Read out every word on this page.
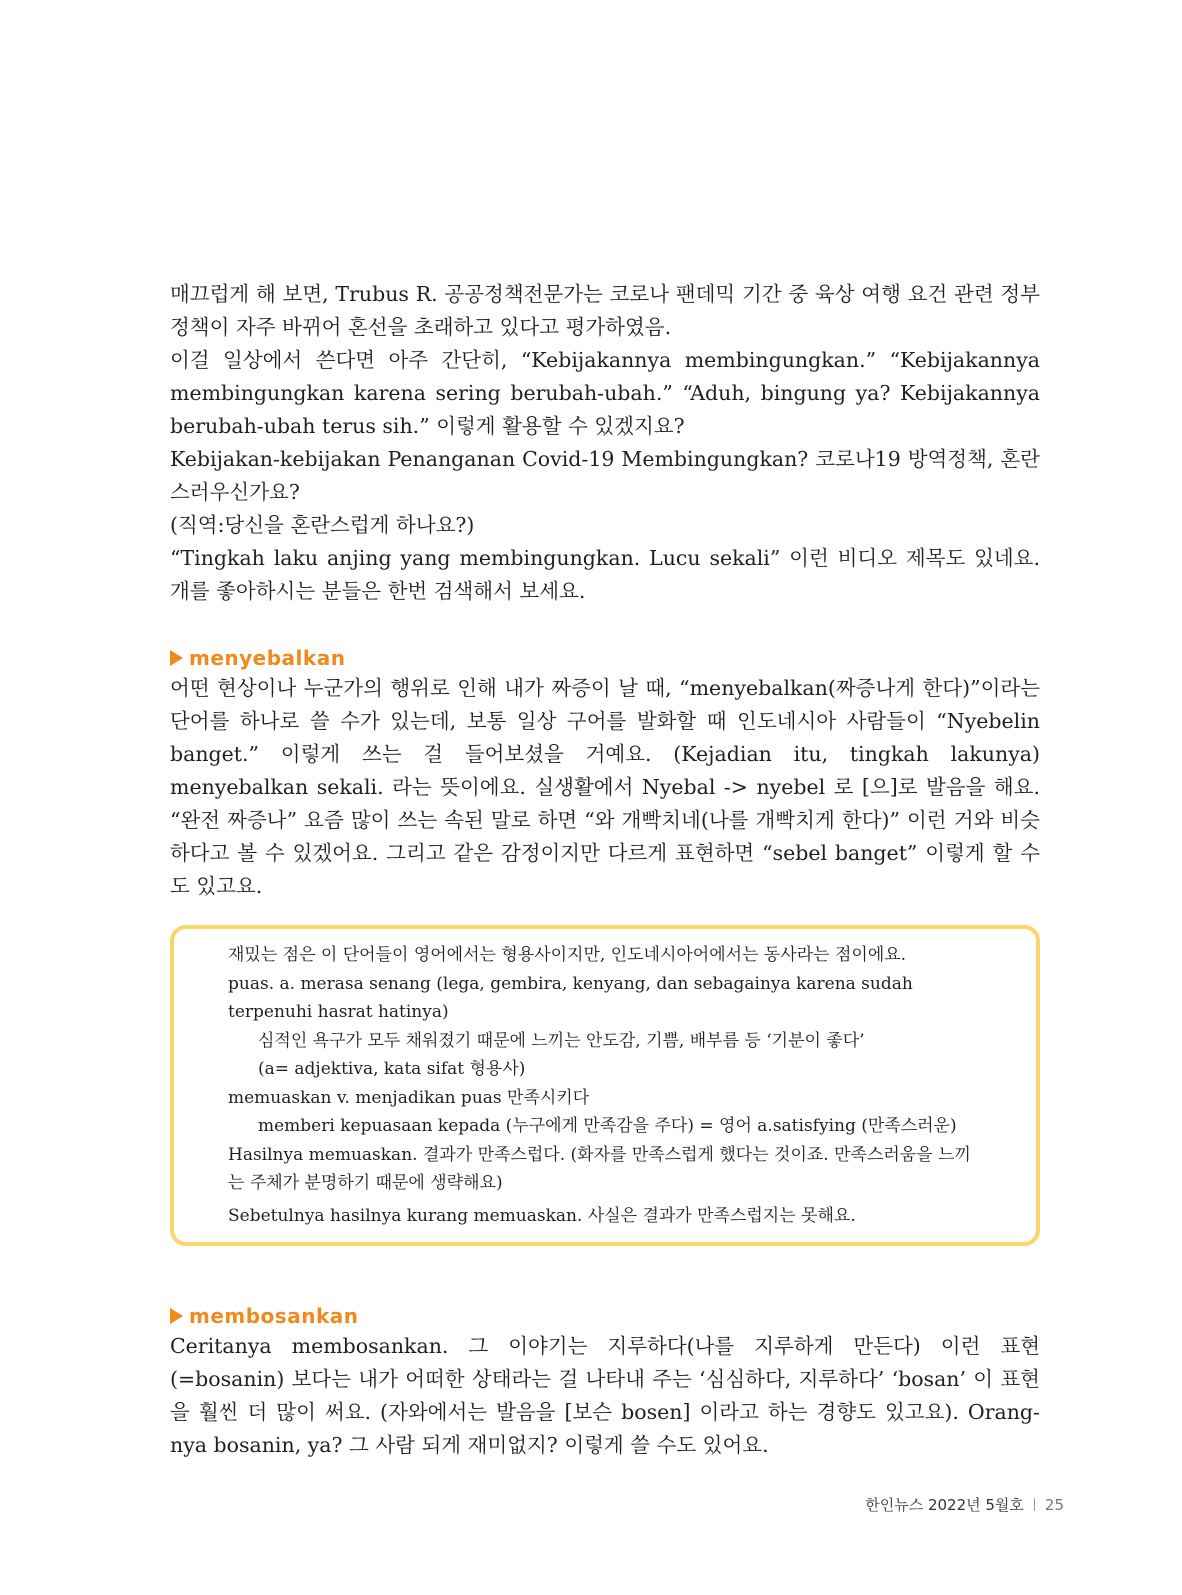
매끄럽게 해 보면, Trubus R. 공공정책전문가는 코로나 팬데믹 기간 중 육상 여행 요건 관련 정부 정책이 자주 바뀌어 혼선을 초래하고 있다고 평가하였음.

이걸 일상에서 쓴다면 아주 간단히, “Kebijakannya membingungkan.” “Kebijakannya membingungkan karena sering berubah-ubah.” “Aduh, bingung ya? Kebijakannya berubah-ubah terus sih.” 이렇게 활용할 수 있겠지요?

Kebijakan-kebijakan Penanganan Covid-19 Membingungkan? 코로나19 방역정책, 혼란스러우신가요?

(직역:당신을 혼란스럽게 하나요?)

“Tingkah laku anjing yang membingungkan. Lucu sekali” 이런 비디오 제목도 있네요. 개를 좋아하시는 분들은 한번 검색해서 보세요.

menyebalkan

어떤 현상이나 누군가의 행위로 인해 내가 짜증이 날 때, “menyebalkan(짜증나게 한다)”이라는 단어를 하나로 쓸 수가 있는데, 보통 일상 구어를 발화할 때 인도네시아 사람들이 “Nyebelin banget.” 이렇게 쓰는 걸 들어보셨을 거예요. (Kejadian itu, tingkah lakunya) menyebalkan sekali. 라는 뜻이에요. 실생활에서 Nyebal -> nyebel 로 [으]로 발음을 해요. “완전 짜증나” 요즘 많이 쓰는 속된 말로 하면 “와 개빡치네(나를 개빡치게 한다)” 이런 거와 비슷하다고 볼 수 있겠어요. 그리고 같은 감정이지만 다르게 표현하면 “sebel banget” 이렇게 할 수도 있고요.

재밌는 점은 이 단어들이 영어에서는 형용사이지만, 인도네시아어에서는 동사라는 점이에요.

puas. a. merasa senang (lega, gembira, kenyang, dan sebagainya karena sudah terpenuhi hasrat hatinya)

심적인 욕구가 모두 채워졌기 때문에 느끼는 안도감, 기쁨, 배부름 등 ‘기분이 좋다’

(a= adjektiva, kata sifat 형용사)

memuaskan v. menjadikan puas 만족시키다

memberi kepuasaan kepada (누구에게 만족감을 주다) = 영어 a.satisfying (만족스러운)

Hasilnya memuaskan. 결과가 만족스럽다. (화자를 만족스럽게 했다는 것이죠. 만족스러움을 느끼는 주체가 분명하기 때문에 생략해요)

Sebetulnya hasilnya kurang memuaskan. 사실은 결과가 만족스럽지는 못해요.

membosankan

Ceritanya membosankan. 그 이야기는 지루하다(나를 지루하게 만든다) 이런 표현(=bosanin) 보다는 내가 어떠한 상태라는 걸 나타내 주는 ‘심심하다, 지루하다’ ‘bosan’ 이 표현을 훨씬 더 많이 써요. (자와에서는 발음을 [보슨 bosen] 이라고 하는 경향도 있고요). Orang-nya bosanin, ya? 그 사람 되게 재미없지? 이렇게 쓸 수도 있어요.

한인뉴스 2022년 5월호 25
